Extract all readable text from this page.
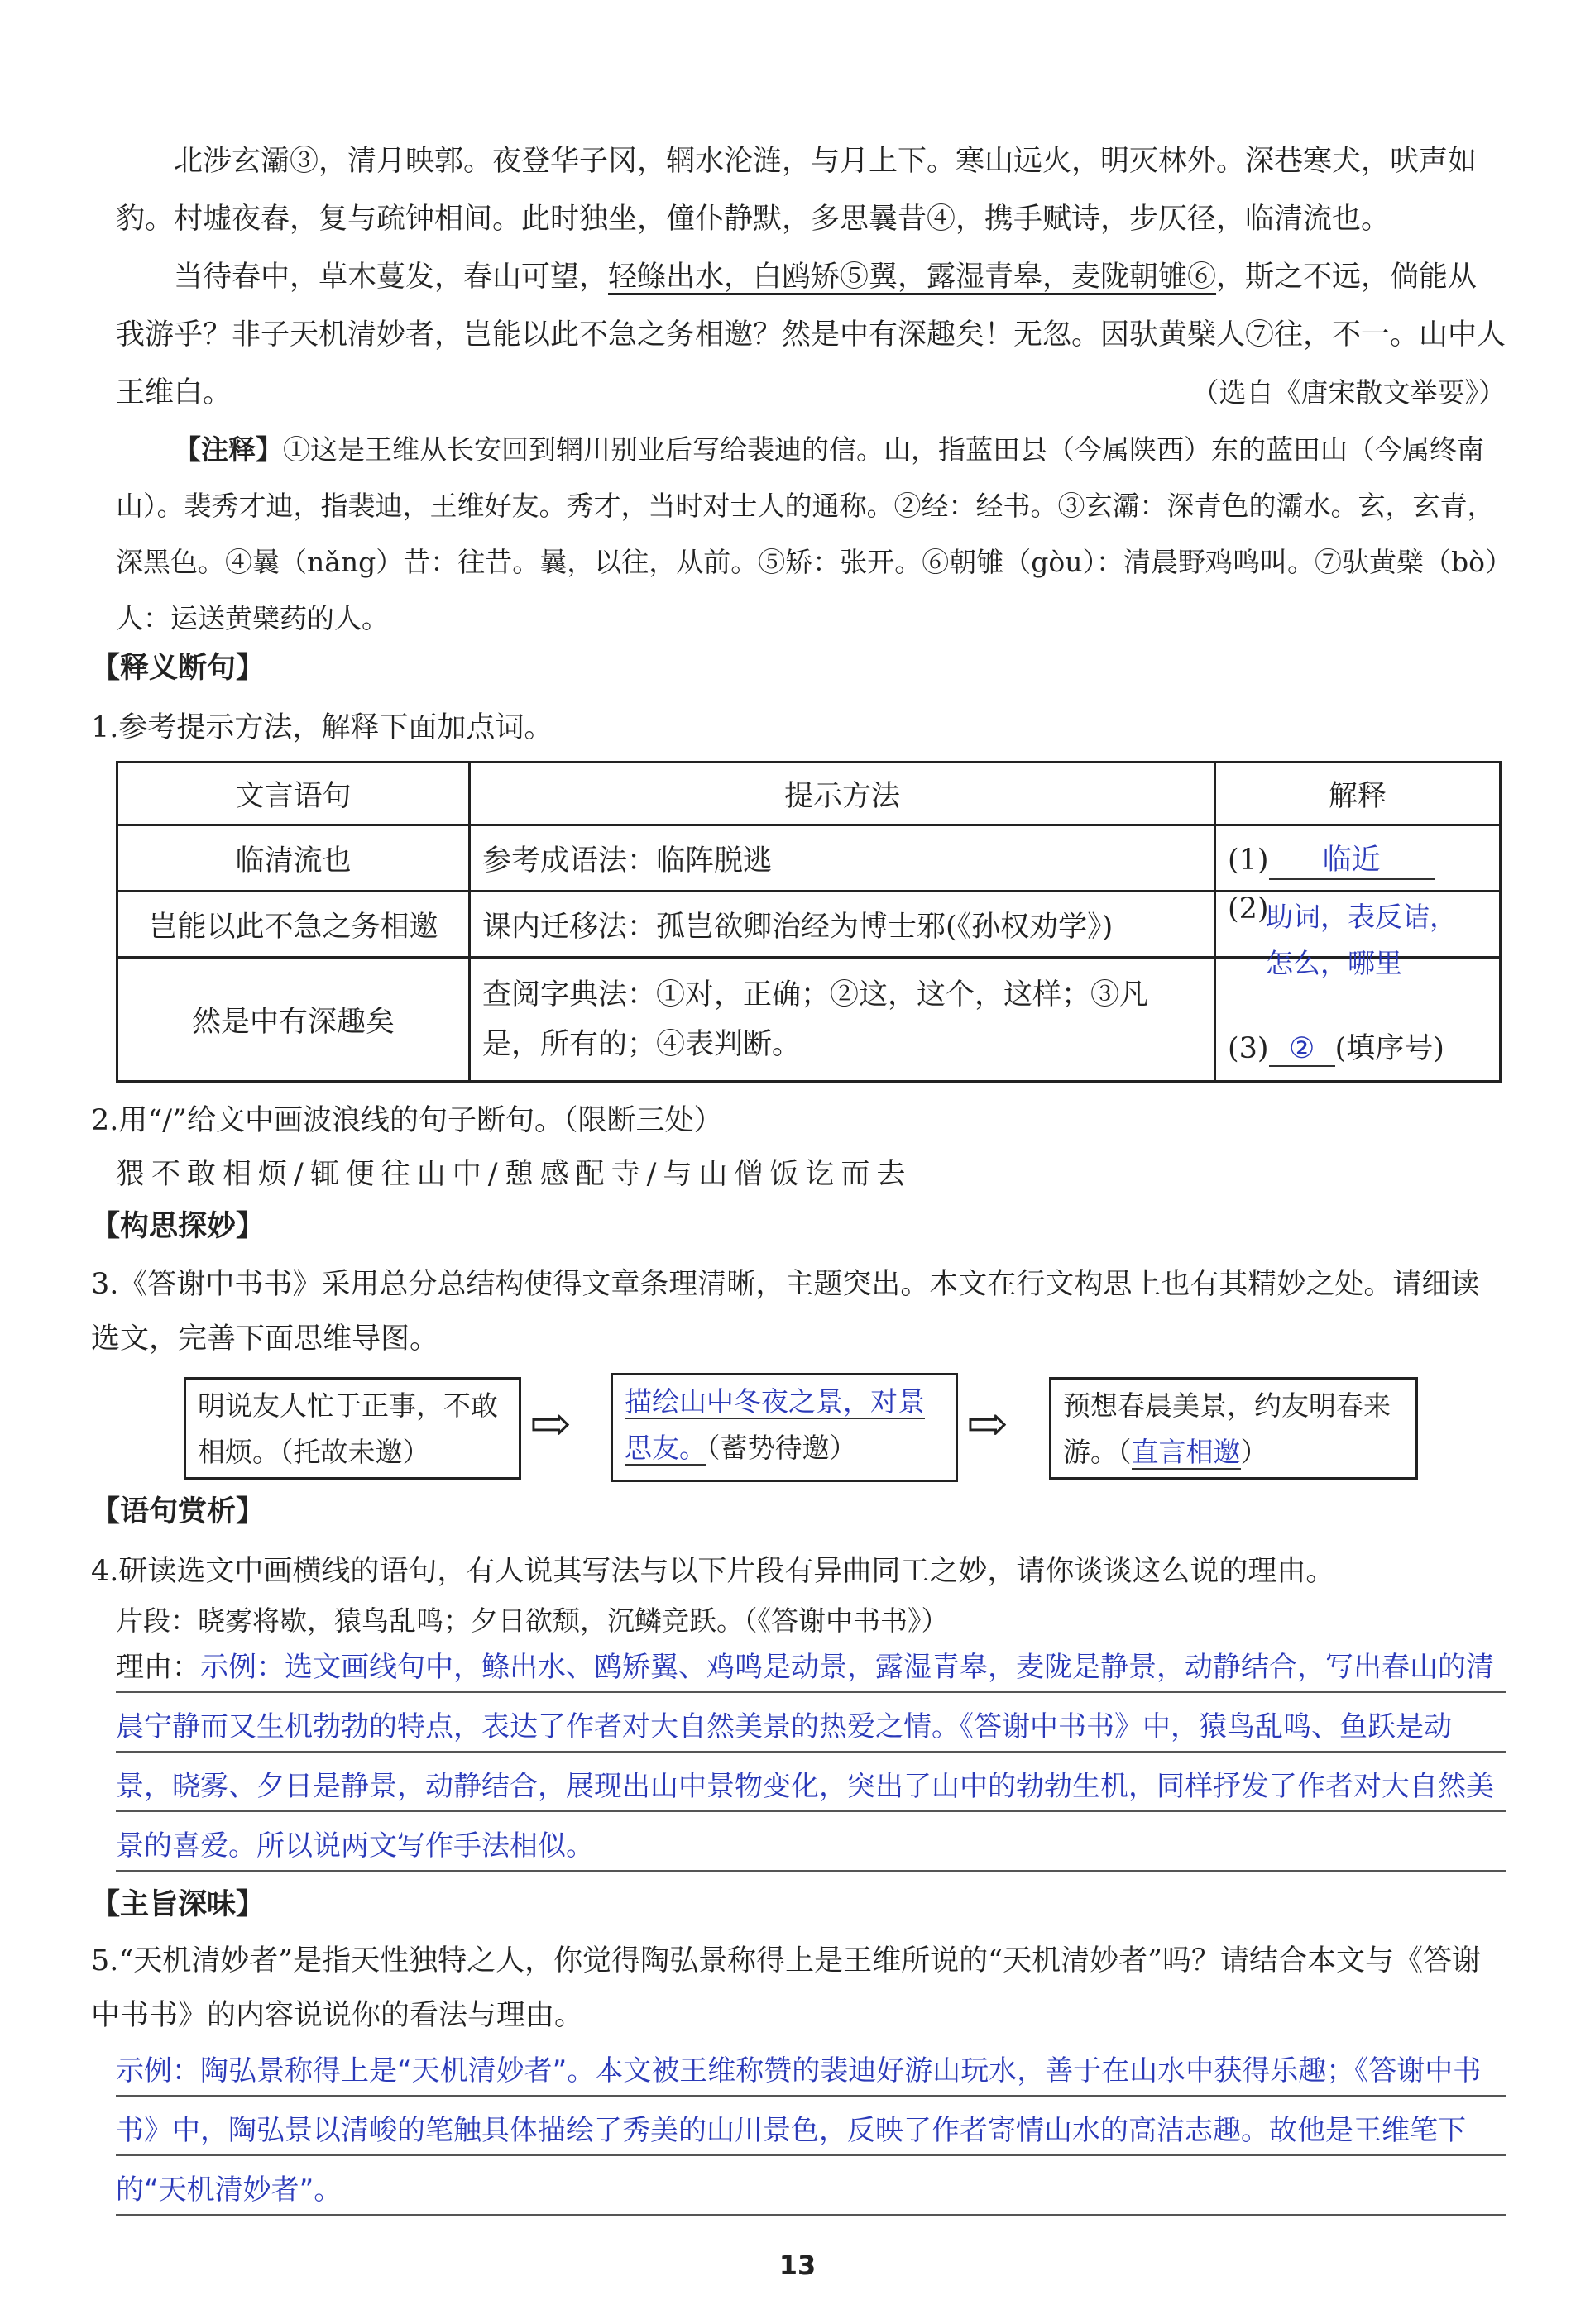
北涉玄灞③，清月映郭。夜登华子冈，辋水沦涟，与月上下。寒山远火，明灭林外。深巷寒犬，吠声如豹。村墟夜舂，复与疏钟相间。此时独坐，僮仆静默，多思曩昔④，携手赋诗，步仄径，临清流也。

当待春中，草木蔓发，春山可望，轻鲦出水，白鸥矫⑤翼，露湿青皋，麦陇朝雊⑥，斯之不远，倘能从我游乎？非子天机清妙者，岂能以此不急之务相邀？然是中有深趣矣！无忽。因驮黄檗人⑦往，不一。山中人王维白。	（选自《唐宋散文举要》）

【注释】①这是王维从长安回到辋川别业后写给裴迪的信。山，指蓝田县（今属陕西）东的蓝田山（今属终南山）。裴秀才迪，指裴迪，王维好友。秀才，当时对士人的通称。②经：经书。③玄灞：深青色的灞水。玄，玄青，深黑色。④曩（nǎng）昔：往昔。曩，以往，从前。⑤矫：张开。⑥朝雊（gòu）：清晨野鸡鸣叫。⑦驮黄檗（bò）人：运送黄檗药的人。

【释义断句】
1.参考提示方法，解释下面加点词。
文言语句	提示方法	解释
临清流也	参考成语法：临阵脱逃	(1) 临近
岂能以此不急之务相邀	课内迁移法：孤岂欲卿治经为博士邪(《孙权劝学》)	(2)
助词，表反诘，怎么，哪里

然是中有深趣矣	查阅字典法：①对，正确；②这，这个，这样；③凡是，所有的；④表判断。	(3) ② (填序号)
2.用“/”给文中画波浪线的句子断句。（限断三处）
猥不敢相烦/辄便往山中/憩感配寺/与山僧饭讫而去
【构思探妙】
3.《答谢中书书》采用总分总结构使得文章条理清晰，主题突出。本文在行文构思上也有其精妙之处。请细读选文，完善下面思维导图。
明说友人忙于正事，不敢相烦。（托故未邀）	⇨	描绘山中冬夜之景，对景思友。（蓄势待邀）	⇨	预想春晨美景，约友明春来游。（直言相邀）
【语句赏析】
4.研读选文中画横线的语句，有人说其写法与以下片段有异曲同工之妙，请你谈谈这么说的理由。
片段：晓雾将歇，猿鸟乱鸣；夕日欲颓，沉鳞竞跃。（《答谢中书书》）
理由：示例：选文画线句中，鲦出水、鸥矫翼、鸡鸣是动景，露湿青皋，麦陇是静景，动静结合，写出春山的清晨宁静而又生机勃勃的特点，表达了作者对大自然美景的热爱之情。《答谢中书书》中，猿鸟乱鸣、鱼跃是动景，晓雾、夕日是静景，动静结合，展现出山中景物变化，突出了山中的勃勃生机，同样抒发了作者对大自然美景的喜爱。所以说两文写作手法相似。
【主旨深味】
5.“天机清妙者”是指天性独特之人，你觉得陶弘景称得上是王维所说的“天机清妙者”吗？请结合本文与《答谢中书书》的内容说说你的看法与理由。
示例：陶弘景称得上是“天机清妙者”。本文被王维称赞的裴迪好游山玩水，善于在山水中获得乐趣；《答谢中书书》中，陶弘景以清峻的笔触具体描绘了秀美的山川景色，反映了作者寄情山水的高洁志趣。故他是王维笔下的“天机清妙者”。
13
